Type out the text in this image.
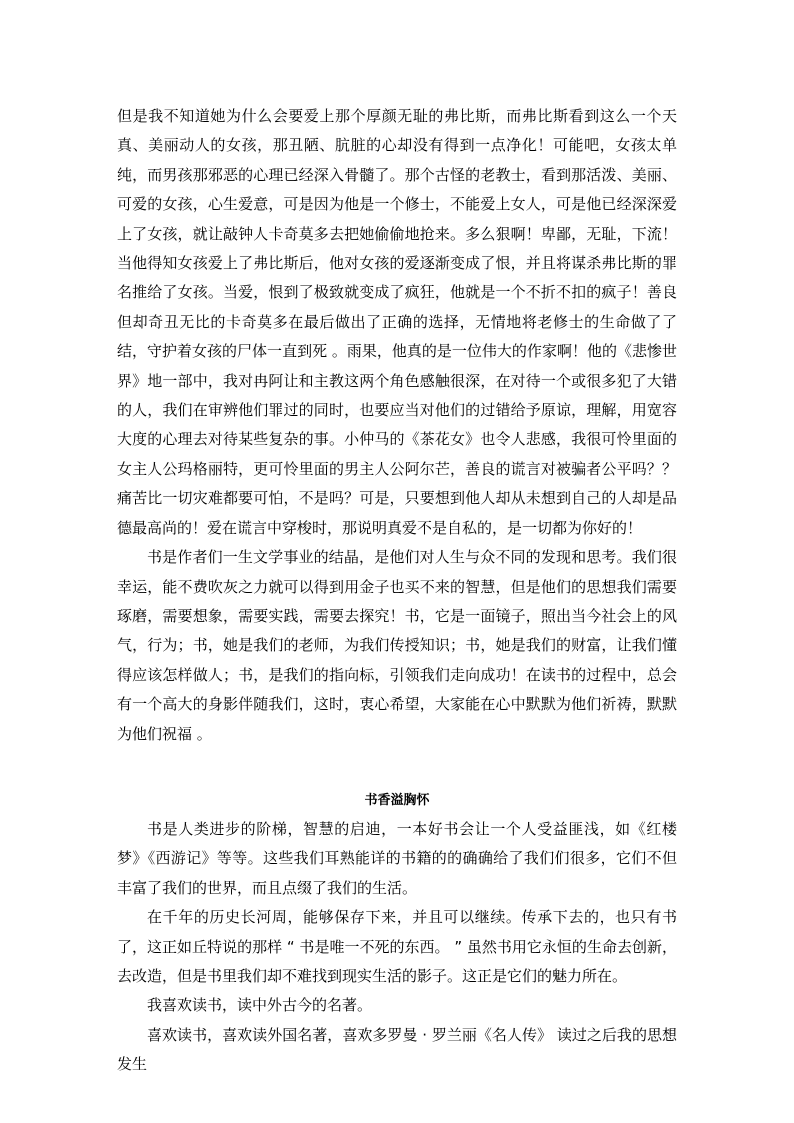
但是我不知道她为什么会要爱上那个厚颜无耻的弗比斯，而弗比斯看到这么一个天真、美丽动人的女孩，那丑陋、肮脏的心却没有得到一点净化！可能吧，女孩太单纯，而男孩那邪恶的心理已经深入骨髓了。那个古怪的老教士，看到那活泼、美丽、可爱的女孩，心生爱意，可是因为他是一个修士，不能爱上女人，可是他已经深深爱上了女孩，就让敲钟人卡奇莫多去把她偷偷地抢来。多么狠啊！卑鄙，无耻，下流！当他得知女孩爱上了弗比斯后，他对女孩的爱逐渐变成了恨，并且将谋杀弗比斯的罪名推给了女孩。当爱，恨到了极致就变成了疯狂，他就是一个不折不扣的疯子！善良但却奇丑无比的卡奇莫多在最后做出了正确的选择，无情地将老修士的生命做了了结，守护着女孩的尸体一直到死 。雨果，他真的是一位伟大的作家啊！他的《悲惨世界》地一部中，我对冉阿让和主教这两个角色感触很深，在对待一个或很多犯了大错 的人，我们在审辨他们罪过的同时，也要应当对他们的过错给予原谅，理解，用宽容大度的心理去对待某些复杂的事。小仲马的《茶花女》也令人悲感，我很可怜里面的女主人公玛格丽特，更可怜里面的男主人公阿尔芒，善良的谎言对被骗者公平吗？？痛苦比一切灾难都要可怕，不是吗？可是，只要想到他人却从未想到自己的人却是品德最高尚的！爱在谎言中穿梭时，那说明真爱不是自私的，是一切都为你好的！

书是作者们一生文学事业的结晶，是他们对人生与众不同的发现和思考。我们很幸运，能不费吹灰之力就可以得到用金子也买不来的智慧，但是他们的思想我们需要琢磨，需要想象，需要实践，需要去探究！书，它是一面镜子，照出当今社会上的风气，行为；书，她是我们的老师，为我们传授知识；书，她是我们的财富，让我们懂得应该怎样做人；书，是我们的指向标，引领我们走向成功！在读书的过程中，总会有一个高大的身影伴随我们，这时，衷心希望，大家能在心中默默为他们祈祷，默默为他们祝福 。

书香溢胸怀

书是人类进步的阶梯，智慧的启迪，一本好书会让一个人受益匪浅，如《红楼梦》《西游记》等等。这些我们耳熟能详的书籍的的确确给了我们们很多，它们不但丰富了我们的世界，而且点缀了我们的生活。

在千年的历史长河周，能够保存下来，并且可以继续。传承下去的，也只有书了，这正如丘特说的那样 “ 书是唯一不死的东西。 ” 虽然书用它永恒的生命去创新，去改造，但是书里我们却不难找到现实生活的影子。这正是它们的魅力所在。

我喜欢读书，读中外古今的名著。

喜欢读书，喜欢读外国名著，喜欢多罗曼 · 罗兰丽《名人传》 读过之后我的思想发生
